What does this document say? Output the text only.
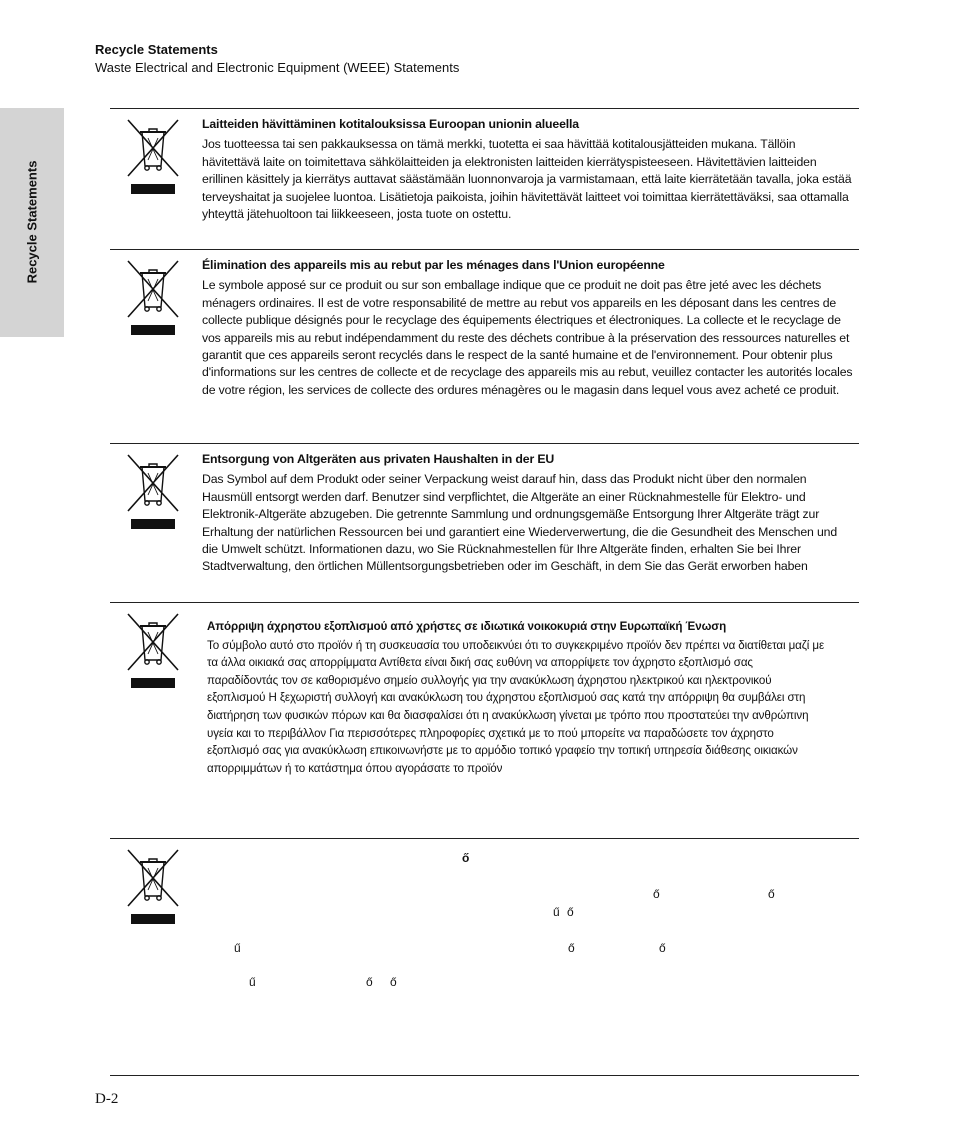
Recycle Statements
Waste Electrical and Electronic Equipment (WEEE) Statements
Recycle Statements
Laitteiden hävittäminen kotitalouksissa Euroopan unionin alueella
Jos tuotteessa tai sen pakkauksessa on tämä merkki, tuotetta ei saa hävittää kotitalousjätteiden mukana. Tällöin hävitettävä laite on toimitettava sähkölaitteiden ja elektronisten laitteiden kierrätyspisteeseen. Hävitettävien laitteiden erillinen käsittely ja kierrätys auttavat säästämään luonnonvaroja ja varmistamaan, että laite kierrätetään tavalla, joka estää terveyshaitat ja suojelee luontoa. Lisätietoja paikoista, joihin hävitettävät laitteet voi toimittaa kierrätettäväksi, saa ottamalla yhteyttä jätehuoltoon tai liikkeeseen, josta tuote on ostettu.
Élimination des appareils mis au rebut par les ménages dans l'Union européenne
Le symbole apposé sur ce produit ou sur son emballage indique que ce produit ne doit pas être jeté avec les déchets ménagers ordinaires. Il est de votre responsabilité de mettre au rebut vos appareils en les déposant dans les centres de collecte publique désignés pour le recyclage des équipements électriques et électroniques. La collecte et le recyclage de vos appareils mis au rebut indépendamment du reste des déchets contribue à la préservation des ressources naturelles et garantit que ces appareils seront recyclés dans le respect de la santé humaine et de l'environnement. Pour obtenir plus d'informations sur les centres de collecte et de recyclage des appareils mis au rebut, veuillez contacter les autorités locales de votre région, les services de collecte des ordures ménagères ou le magasin dans lequel vous avez acheté ce produit.
Entsorgung von Altgeräten aus privaten Haushalten in der EU
Das Symbol auf dem Produkt oder seiner Verpackung weist darauf hin, dass das Produkt nicht über den normalen Hausmüll entsorgt werden darf. Benutzer sind verpflichtet, die Altgeräte an einer Rücknahmestelle für Elektro- und Elektronik-Altgeräte abzugeben. Die getrennte Sammlung und ordnungsgemäße Entsorgung Ihrer Altgeräte trägt zur Erhaltung der natürlichen Ressourcen bei und garantiert eine Wiederverwertung, die die Gesundheit des Menschen und die Umwelt schützt. Informationen dazu, wo Sie Rücknahmestellen für Ihre Altgeräte finden, erhalten Sie bei Ihrer Stadtverwaltung, den örtlichen Müllentsorgungsbetrieben oder im Geschäft, in dem Sie das Gerät erworben haben
Απόρριψη άχρηστου εξοπλισμού από χρήστες σε ιδιωτικά νοικοκυριά στην Ευρωπαϊκή Ένωση
Το σύμβολο αυτό στο προϊόν ή τη συσκευασία του υποδεικνύει ότι το συγκεκριμένο προϊόν δεν πρέπει να διατίθεται μαζί με τα άλλα οικιακά σας απορρίμματα Αντίθετα είναι δική σας ευθύνη να απορρίψετε τον άχρηστο εξοπλισμό σας παραδίδοντάς τον σε καθορισμένο σημείο συλλογής για την ανακύκλωση άχρηστου ηλεκτρικού και ηλεκτρονικού εξοπλισμού Η ξεχωριστή συλλογή και ανακύκλωση του άχρηστου εξοπλισμού σας κατά την απόρριψη θα συμβάλει στη διατήρηση των φυσικών πόρων και θα διασφαλίσει ότι η ανακύκλωση γίνεται με τρόπο που προστατεύει την ανθρώπινη υγεία και το περιβάλλον Για περισσότερες πληροφορίες σχετικά με το πού μπορείτε να παραδώσετε τον άχρηστο εξοπλισμό σας για ανακύκλωση επικοινωνήστε με το αρμόδιο τοπικό γραφείο την τοπική υπηρεσία διάθεσης οικιακών απορριμμάτων ή το κατάστημα όπου αγοράσατε το προϊόν
ő
ő	ő
ű ő
ű	ő	ő
ű	ő ő
D-2
